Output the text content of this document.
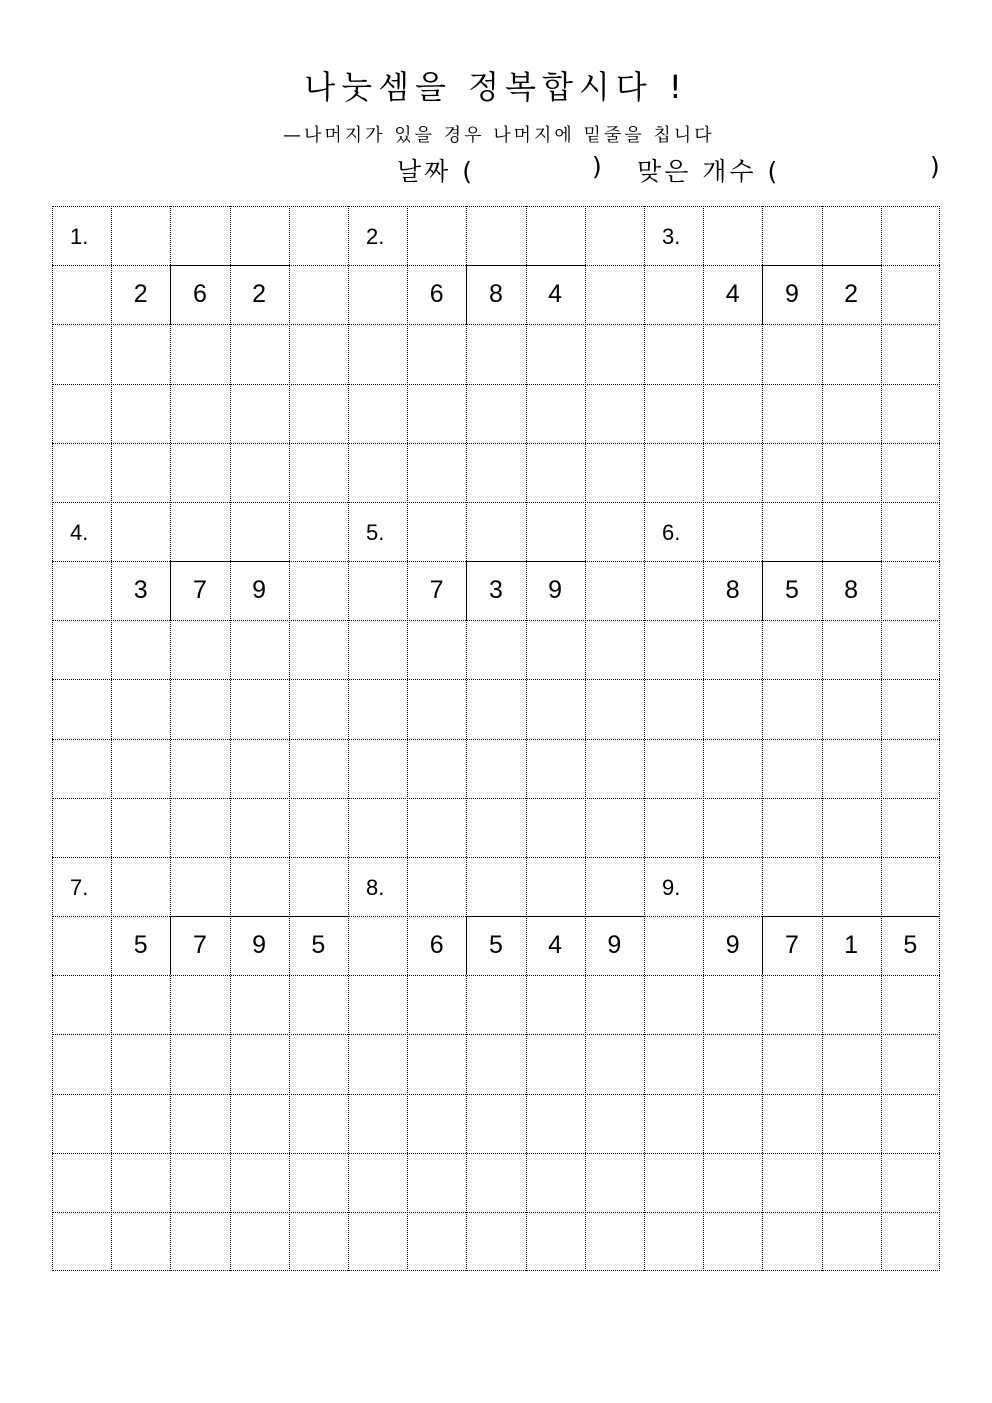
나눗셈을 정복합시다 !
—나머지가 있을 경우 나머지에 밑줄을 칩니다
날짜 (	) 맞은 개수 (	)
1.
2	6	2
2.
6	8	4
3.
4	9	2
4.
3	7	9
5.
7	3	9
6.
8	5	8
7.
5	7	9	5
8.
6	5	4	9
9.
9	7	1	5
